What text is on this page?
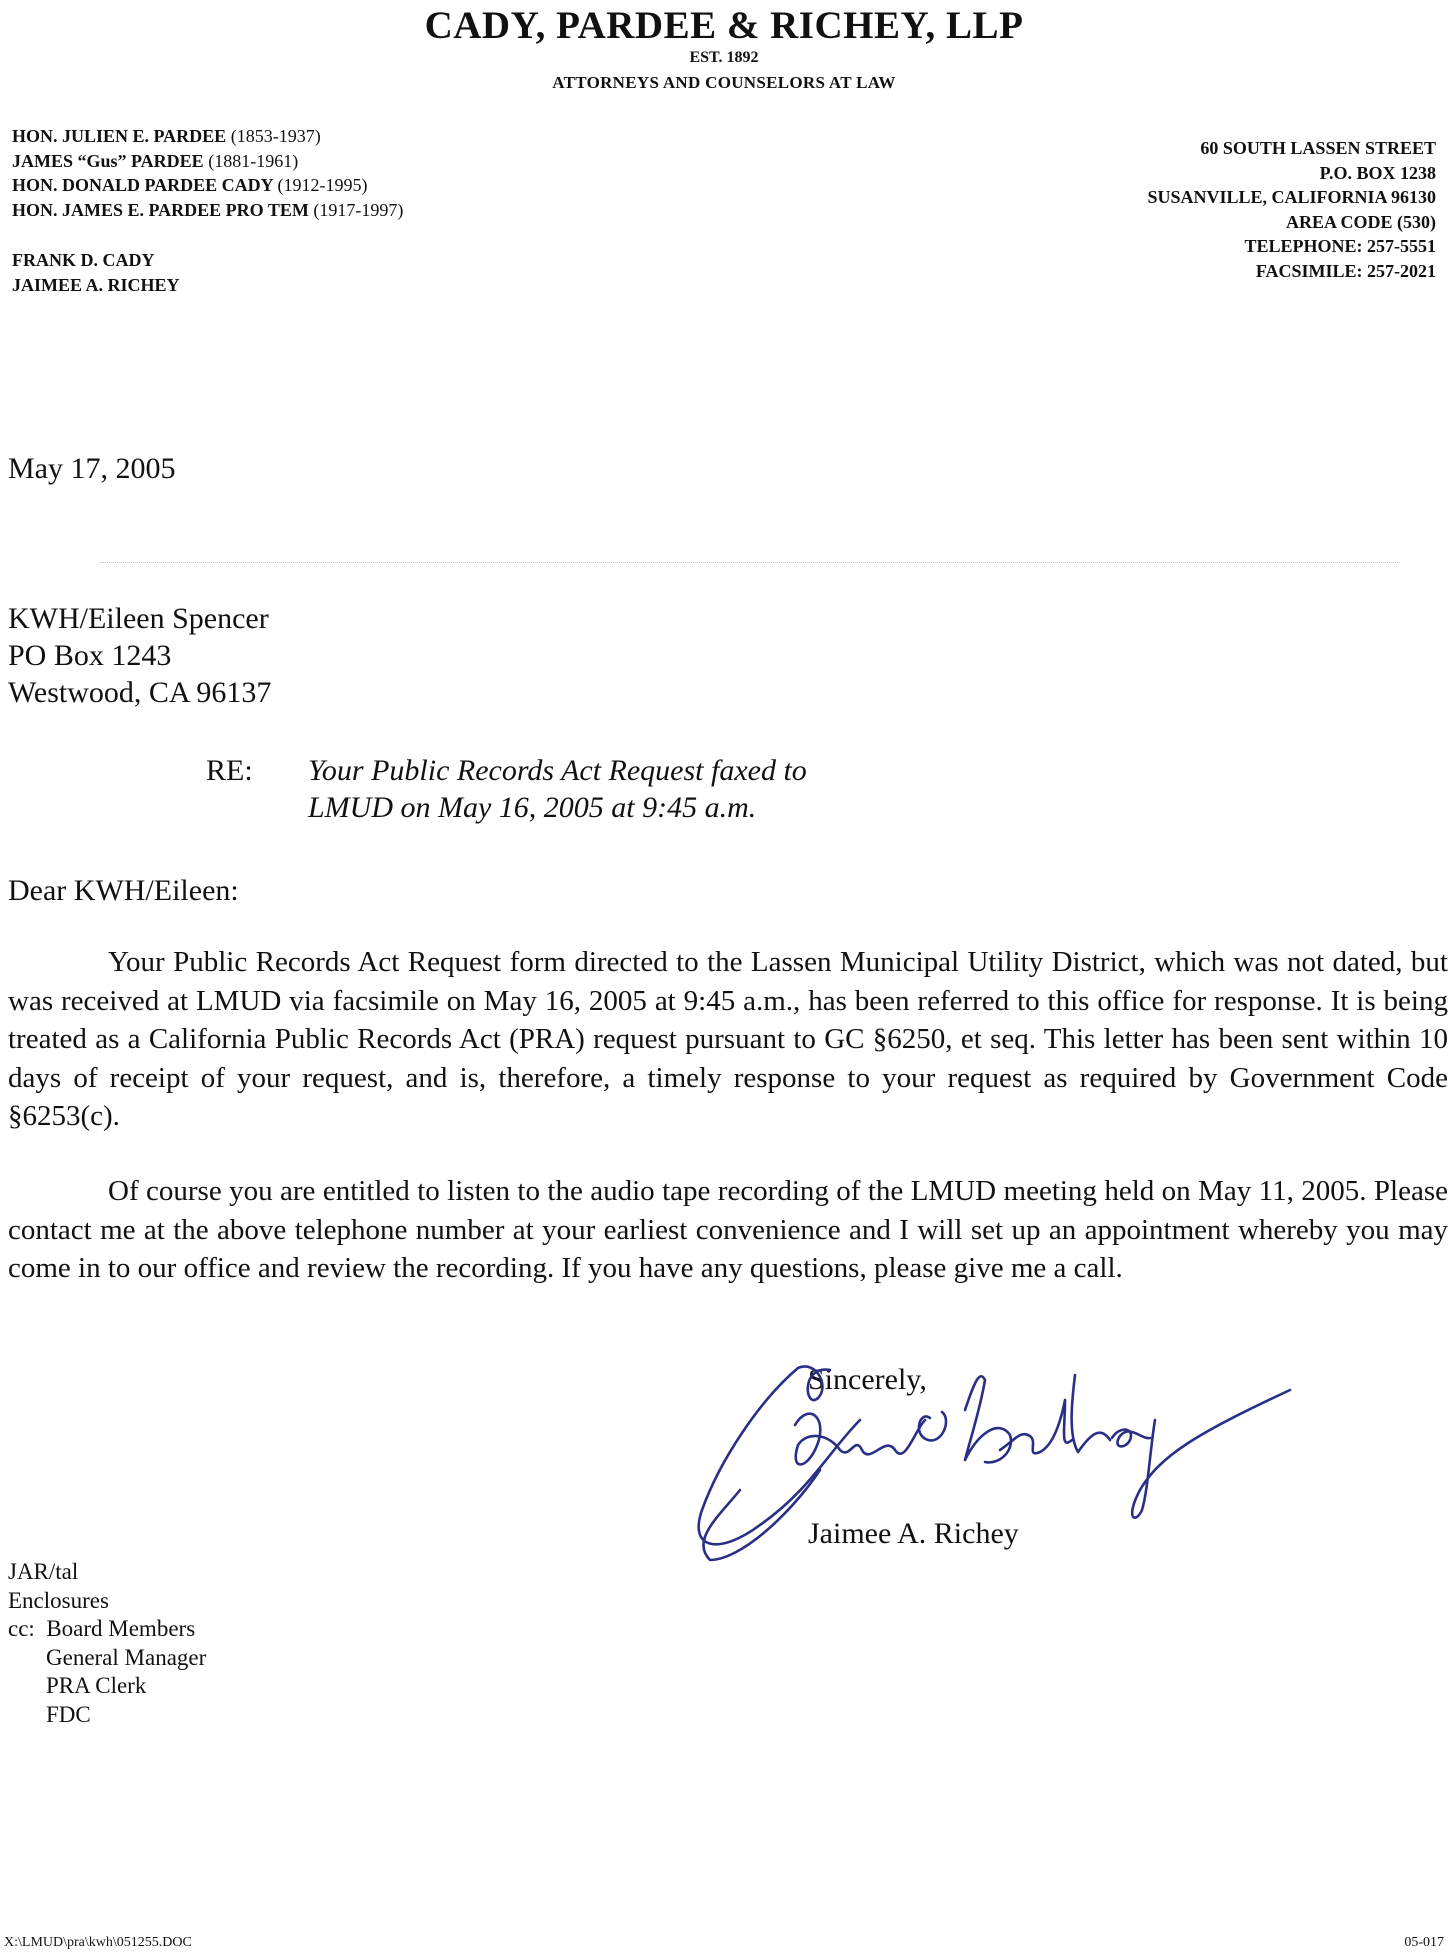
CADY, PARDEE & RICHEY, LLP
EST. 1892
ATTORNEYS AND COUNSELORS AT LAW
HON. JULIEN E. PARDEE (1853-1937)
JAMES “Gus” PARDEE (1881-1961)
HON. DONALD PARDEE CADY (1912-1995)
HON. JAMES E. PARDEE PRO TEM (1917-1997)
FRANK D. CADY
JAIMEE A. RICHEY
60 SOUTH LASSEN STREET
P.O. BOX 1238
SUSANVILLE, CALIFORNIA 96130
AREA CODE (530)
TELEPHONE: 257-5551
FACSIMILE: 257-2021
May 17, 2005
KWH/Eileen Spencer
PO Box 1243
Westwood, CA 96137
RE: Your Public Records Act Request faxed to
LMUD on May 16, 2005 at 9:45 a.m.
Dear KWH/Eileen:

Your Public Records Act Request form directed to the Lassen Municipal Utility District, which was not dated, but was received at LMUD via facsimile on May 16, 2005 at 9:45 a.m., has been referred to this office for response. It is being treated as a California Public Records Act (PRA) request pursuant to GC §6250, et seq. This letter has been sent within 10 days of receipt of your request, and is, therefore, a timely response to your request as required by Government Code §6253(c).

Of course you are entitled to listen to the audio tape recording of the LMUD meeting held on May 11, 2005. Please contact me at the above telephone number at your earliest convenience and I will set up an appointment whereby you may come in to our office and review the recording. If you have any questions, please give me a call.

Sincerely,
Jaimee A. Richey
JAR/tal
Enclosures
cc: Board Members
General Manager
PRA Clerk
FDC
X:\LMUD\pra\kwh\051255.DOC	05-017
